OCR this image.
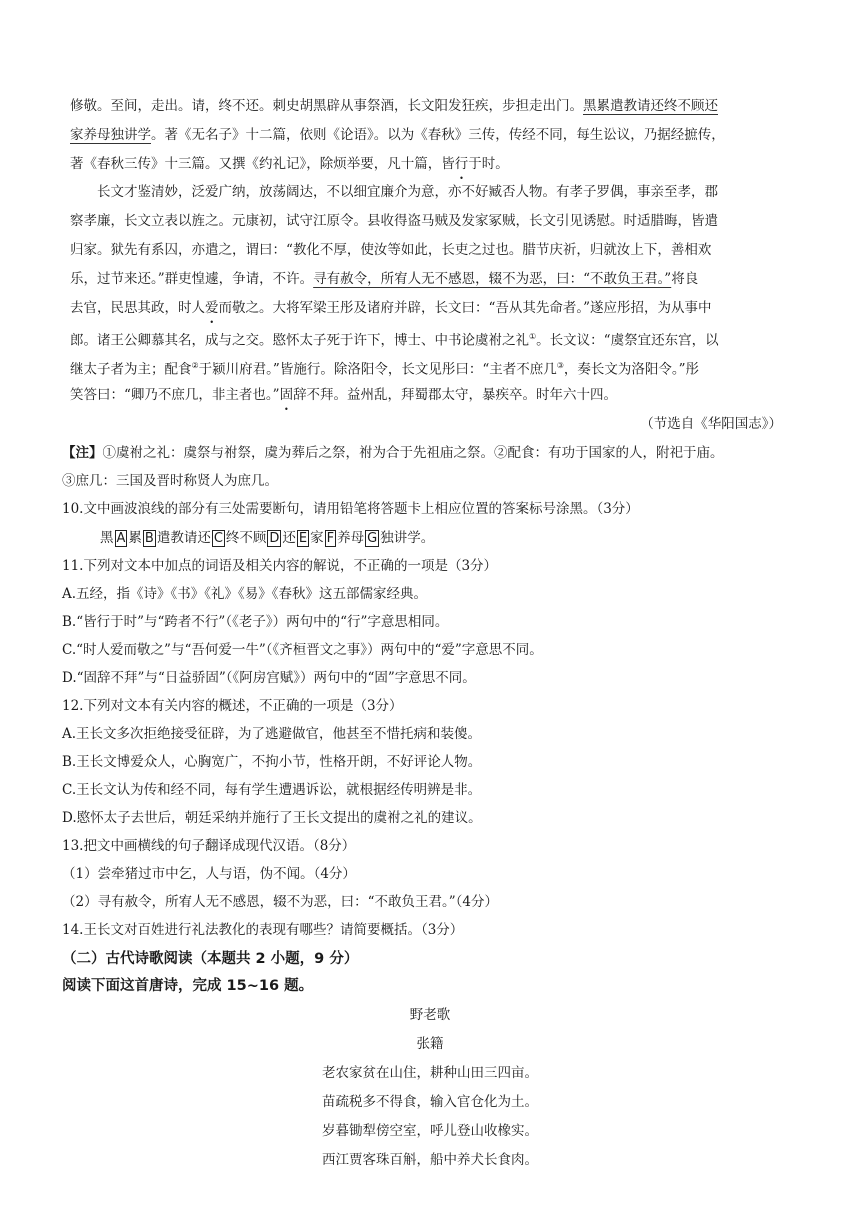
修敬。至间，走出。请，终不还。刺史胡黑辟从事祭酒，长文阳发狂疾，步担走出门。黑累遣教请还终不顾还
家养母独讲学。著《无名子》十二篇，依则《论语》。以为《春秋》三传，传经不同，每生讼议，乃据经摭传，
著《春秋三传》十三篇。又撰《约礼记》，除烦举要，凡十篇，皆行于时。
长文才鉴清妙，泛爱广纳，放荡阔达，不以细宜廉介为意，亦不好臧否人物。有孝子罗偶，事亲至孝，郡
察孝廉，长文立表以旌之。元康初，试守江原令。县收得盗马贼及发家冢贼，长文引见诱慰。时适腊晦，皆遣
归家。狱先有系囚，亦遣之，谓曰：“教化不厚，使汝等如此，长吏之过也。腊节庆祈，归就汝上下，善相欢
乐，过节来还。”群吏惶遽，争请，不许。寻有赦令，所宥人无不感恩，辍不为恶，曰：“不敢负王君。”将良
去官，民思其政，时人爱而敬之。大将军梁王彤及诸府并辟，长文曰：“吾从其先命者。”遂应彤招，为从事中
郎。诸王公卿慕其名，成与之交。愍怀太子死于许下，博士、中书论虞祔之礼①。长文议：“虞祭宜还东宫，以
继太子者为主；配食②于颍川府君。”皆施行。除洛阳令，长文见彤曰：“主者不庶几③，奏长文为洛阳令。”彤
笑答曰：“卿乃不庶几，非主者也。”固辞不拜。益州乱，拜蜀郡太守，暴疾卒。时年六十四。
（节选自《华阳国志》）
【注】①虞祔之礼：虞祭与祔祭，虞为葬后之祭，祔为合于先祖庙之祭。②配食：有功于国家的人，附祀于庙。
③庶几：三国及晋时称贤人为庶几。
10.文中画波浪线的部分有三处需要断句，请用铅笔将答题卡上相应位置的答案标号涂黑。（3分）
黑 A 累 B 遣教请还 C 终不顾 D 还 E 家 F 养母 G 独讲学。
11.下列对文本中加点的词语及相关内容的解说，不正确的一项是（3分）
A.五经，指《诗》《书》《礼》《易》《春秋》这五部儒家经典。
B.“皆行于时”与“跨者不行”（《老子》）两句中的“行”字意思相同。
C.“时人爱而敬之”与“吾何爱一牛”（《齐桓晋文之事》）两句中的“爱”字意思不同。
D.“固辞不拜”与“日益骄固”（《阿房宫赋》）两句中的“固”字意思不同。
12.下列对文本有关内容的概述，不正确的一项是（3分）
A.王长文多次拒绝接受征辟，为了逃避做官，他甚至不惜托病和装傻。
B.王长文博爱众人，心胸宽广，不拘小节，性格开朗，不好评论人物。
C.王长文认为传和经不同，每有学生遭遇诉讼，就根据经传明辨是非。
D.愍怀太子去世后，朝廷采纳并施行了王长文提出的虞祔之礼的建议。
13.把文中画横线的句子翻译成现代汉语。（8分）
（1）尝牵猪过市中乞，人与语，伪不闻。（4分）
（2）寻有赦令，所宥人无不感恩，辍不为恶，曰：“不敢负王君。”（4分）
14.王长文对百姓进行礼法教化的表现有哪些？请简要概括。（3分）
（二）古代诗歌阅读（本题共 2 小题，9 分）
阅读下面这首唐诗，完成 15~16 题。
野老歌
张籍
老农家贫在山住，耕种山田三四亩。
苗疏税多不得食，输入官仓化为土。
岁暮锄犁傍空室，呼儿登山收橡实。
西江贾客珠百斛，船中养犬长食肉。
